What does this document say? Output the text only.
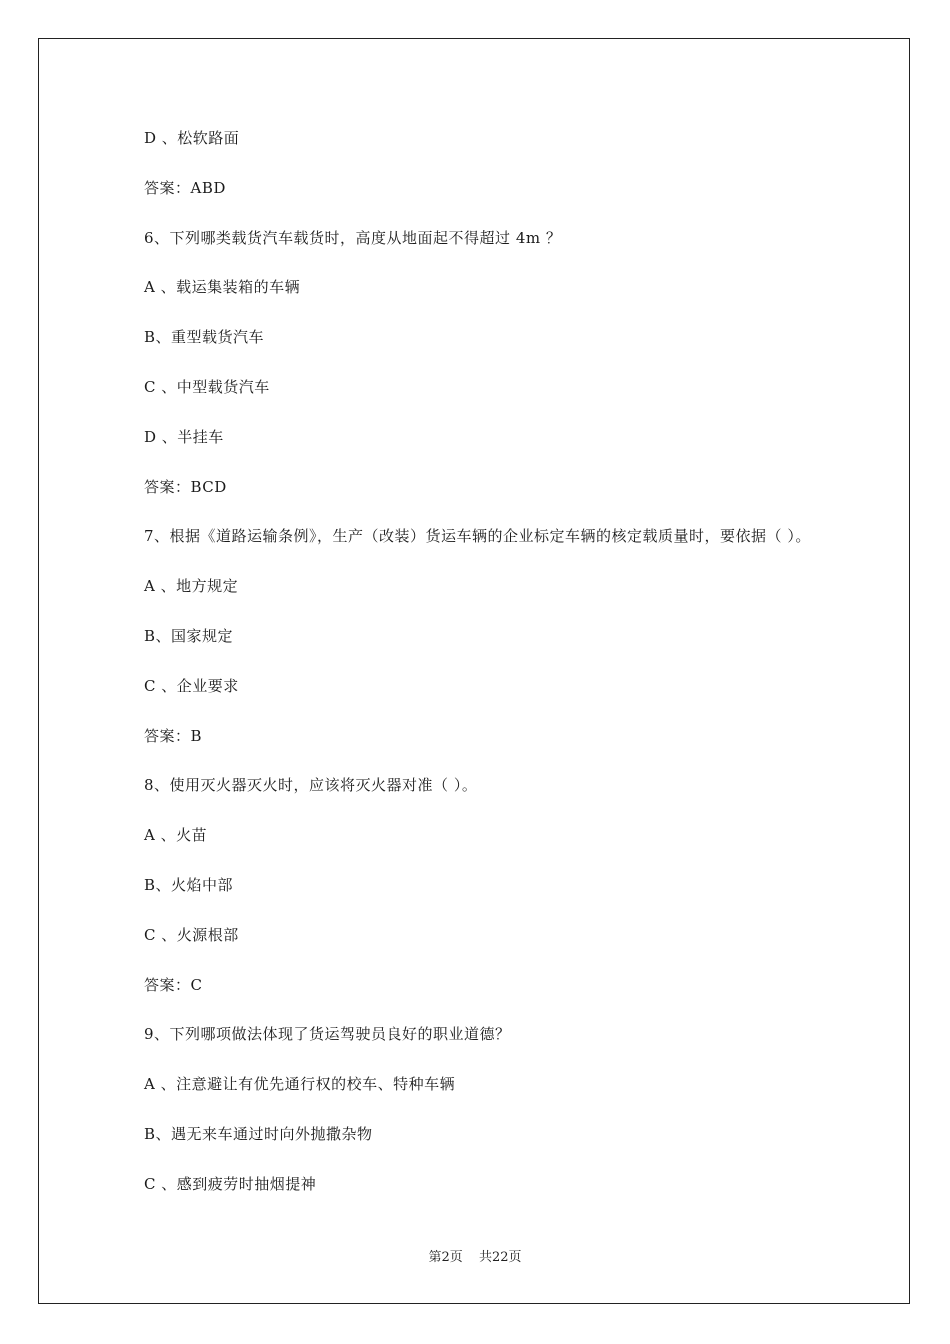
D 、松软路面
答案：ABD
6、下列哪类载货汽车载货时，高度从地面起不得超过 4m ？
A 、载运集装箱的车辆
B、重型载货汽车
C 、中型载货汽车
D 、半挂车
答案：BCD
7、根据《道路运输条例》，生产（改装）货运车辆的企业标定车辆的核定载质量时，要依据（ ）。
A 、地方规定
B、国家规定
C 、企业要求
答案：B
8、使用灭火器灭火时，应该将灭火器对准（ ）。
A 、火苗
B、火焰中部
C 、火源根部
答案：C
9、下列哪项做法体现了货运驾驶员良好的职业道德？
A 、注意避让有优先通行权的校车、特种车辆
B、遇无来车通过时向外抛撒杂物
C 、感到疲劳时抽烟提神
第2页 共22页
